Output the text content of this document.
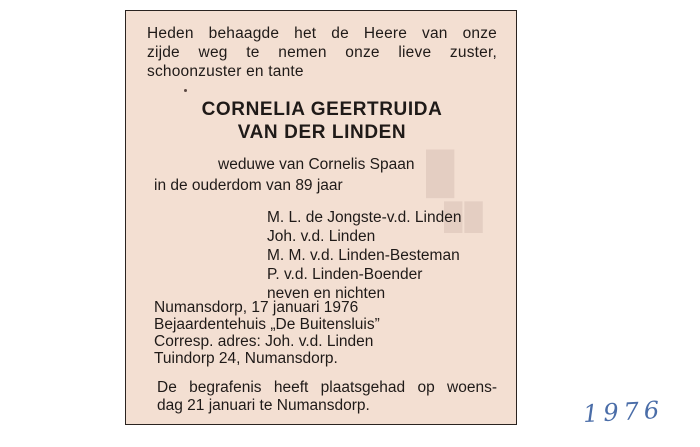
█
██
Heden behaagde het de Heere van onze
zijde weg te nemen onze lieve zuster,
schoonzuster en tante
CORNELIA GEERTRUIDA
VAN DER LINDEN
weduwe van Cornelis Spaan
in de ouderdom van 89 jaar
M. L. de Jongste-v.d. Linden
Joh. v.d. Linden
M. M. v.d. Linden-Besteman
P. v.d. Linden-Boender
neven en nichten
Numansdorp, 17 januari 1976
Bejaardentehuis „De Buitensluis”
Corresp. adres: Joh. v.d. Linden
Tuindorp 24, Numansdorp.
De begrafenis heeft plaatsgehad op woens-
dag 21 januari te Numansdorp.	1976
